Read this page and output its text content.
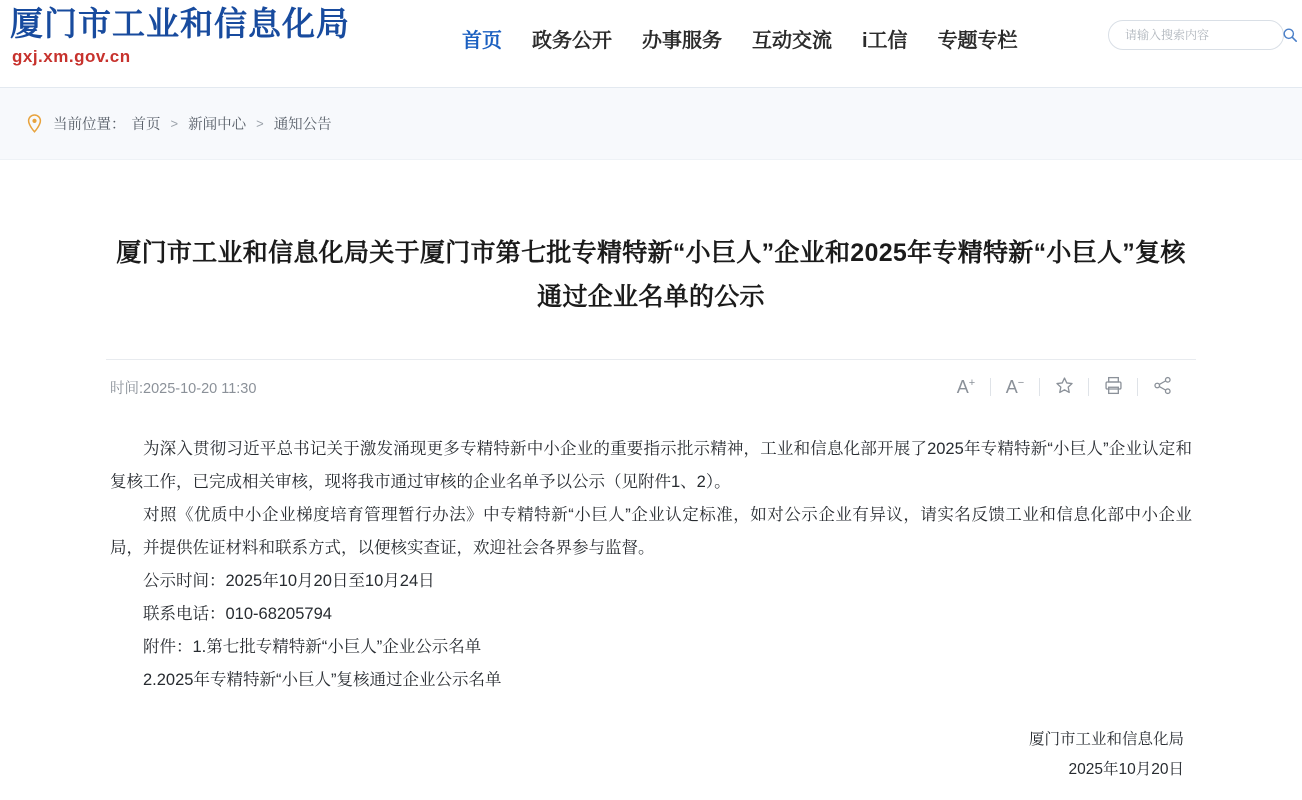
厦门市工业和信息化局
gxj.xm.gov.cn
首页 政务公开 办事服务 互动交流 i工信 专题专栏
请输入搜索内容
当前位置： 首页 > 新闻中心 > 通知公告
厦门市工业和信息化局关于厦门市第七批专精特新“小巨人”企业和2025年专精特新“小巨人”复核 通过企业名单的公示
时间:2025-10-20 11:30	A+	A−

为深入贯彻习近平总书记关于激发涌现更多专精特新中小企业的重要指示批示精神，工业和信息化部开展了2025年专精特新“小巨人”企业认定和复核工作，已完成相关审核，现将我市通过审核的企业名单予以公示（见附件1、2）。

对照《优质中小企业梯度培育管理暂行办法》中专精特新“小巨人”企业认定标准，如对公示企业有异议，请实名反馈工业和信息化部中小企业局，并提供佐证材料和联系方式，以便核实查证，欢迎社会各界参与监督。

公示时间：2025年10月20日至10月24日

联系电话：010-68205794

附件：1.第七批专精特新“小巨人”企业公示名单

2.2025年专精特新“小巨人”复核通过企业公示名单

厦门市工业和信息化局
2025年10月20日
